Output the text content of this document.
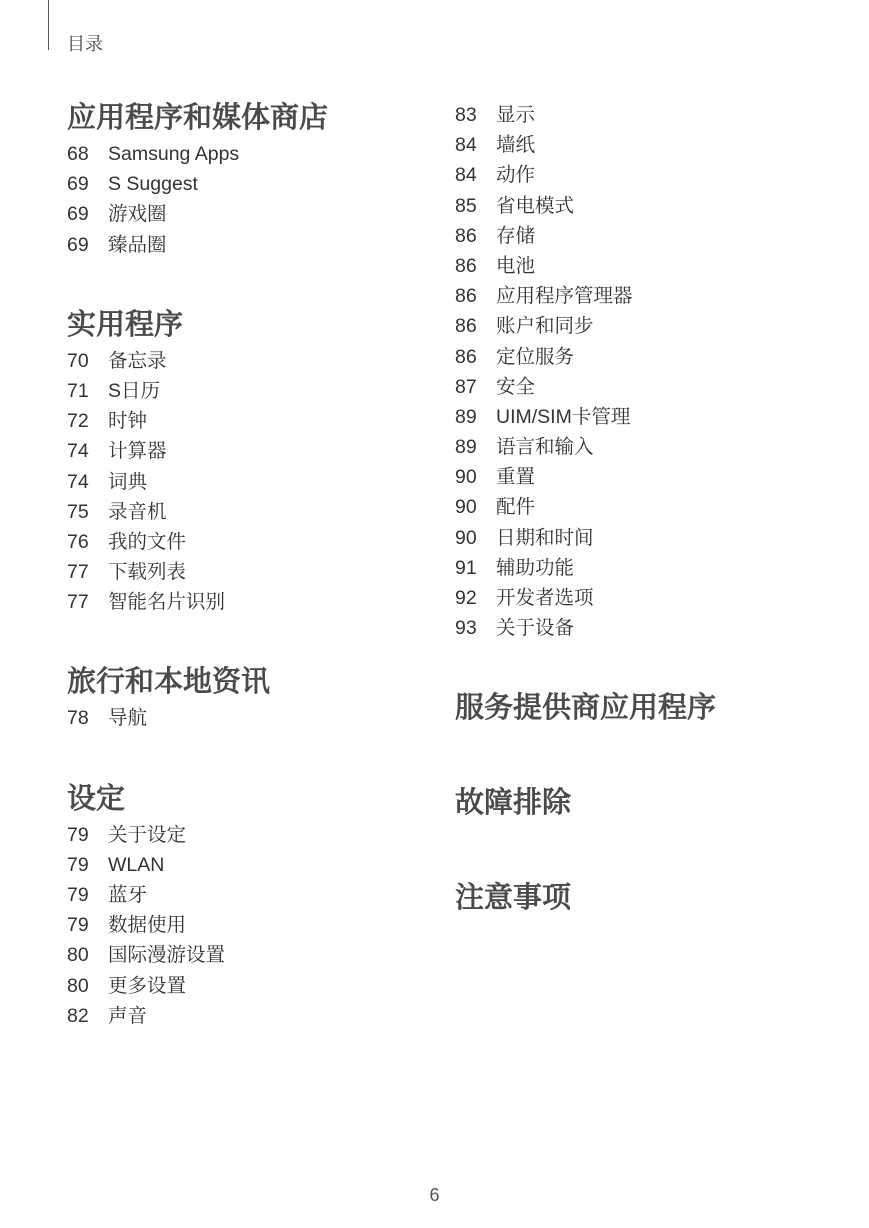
目录
应用程序和媒体商店
68 Samsung Apps
69 S Suggest
69 游戏圈
69 臻品圈
实用程序
70 备忘录
71 S日历
72 时钟
74 计算器
74 词典
75 录音机
76 我的文件
77 下载列表
77 智能名片识别
旅行和本地资讯
78 导航
设定
79 关于设定
79 WLAN
79 蓝牙
79 数据使用
80 国际漫游设置
80 更多设置
82 声音
83 显示
84 墙纸
84 动作
85 省电模式
86 存储
86 电池
86 应用程序管理器
86 账户和同步
86 定位服务
87 安全
89 UIM/SIM卡管理
89 语言和输入
90 重置
90 配件
90 日期和时间
91 辅助功能
92 开发者选项
93 关于设备
服务提供商应用程序
故障排除
注意事项
6
